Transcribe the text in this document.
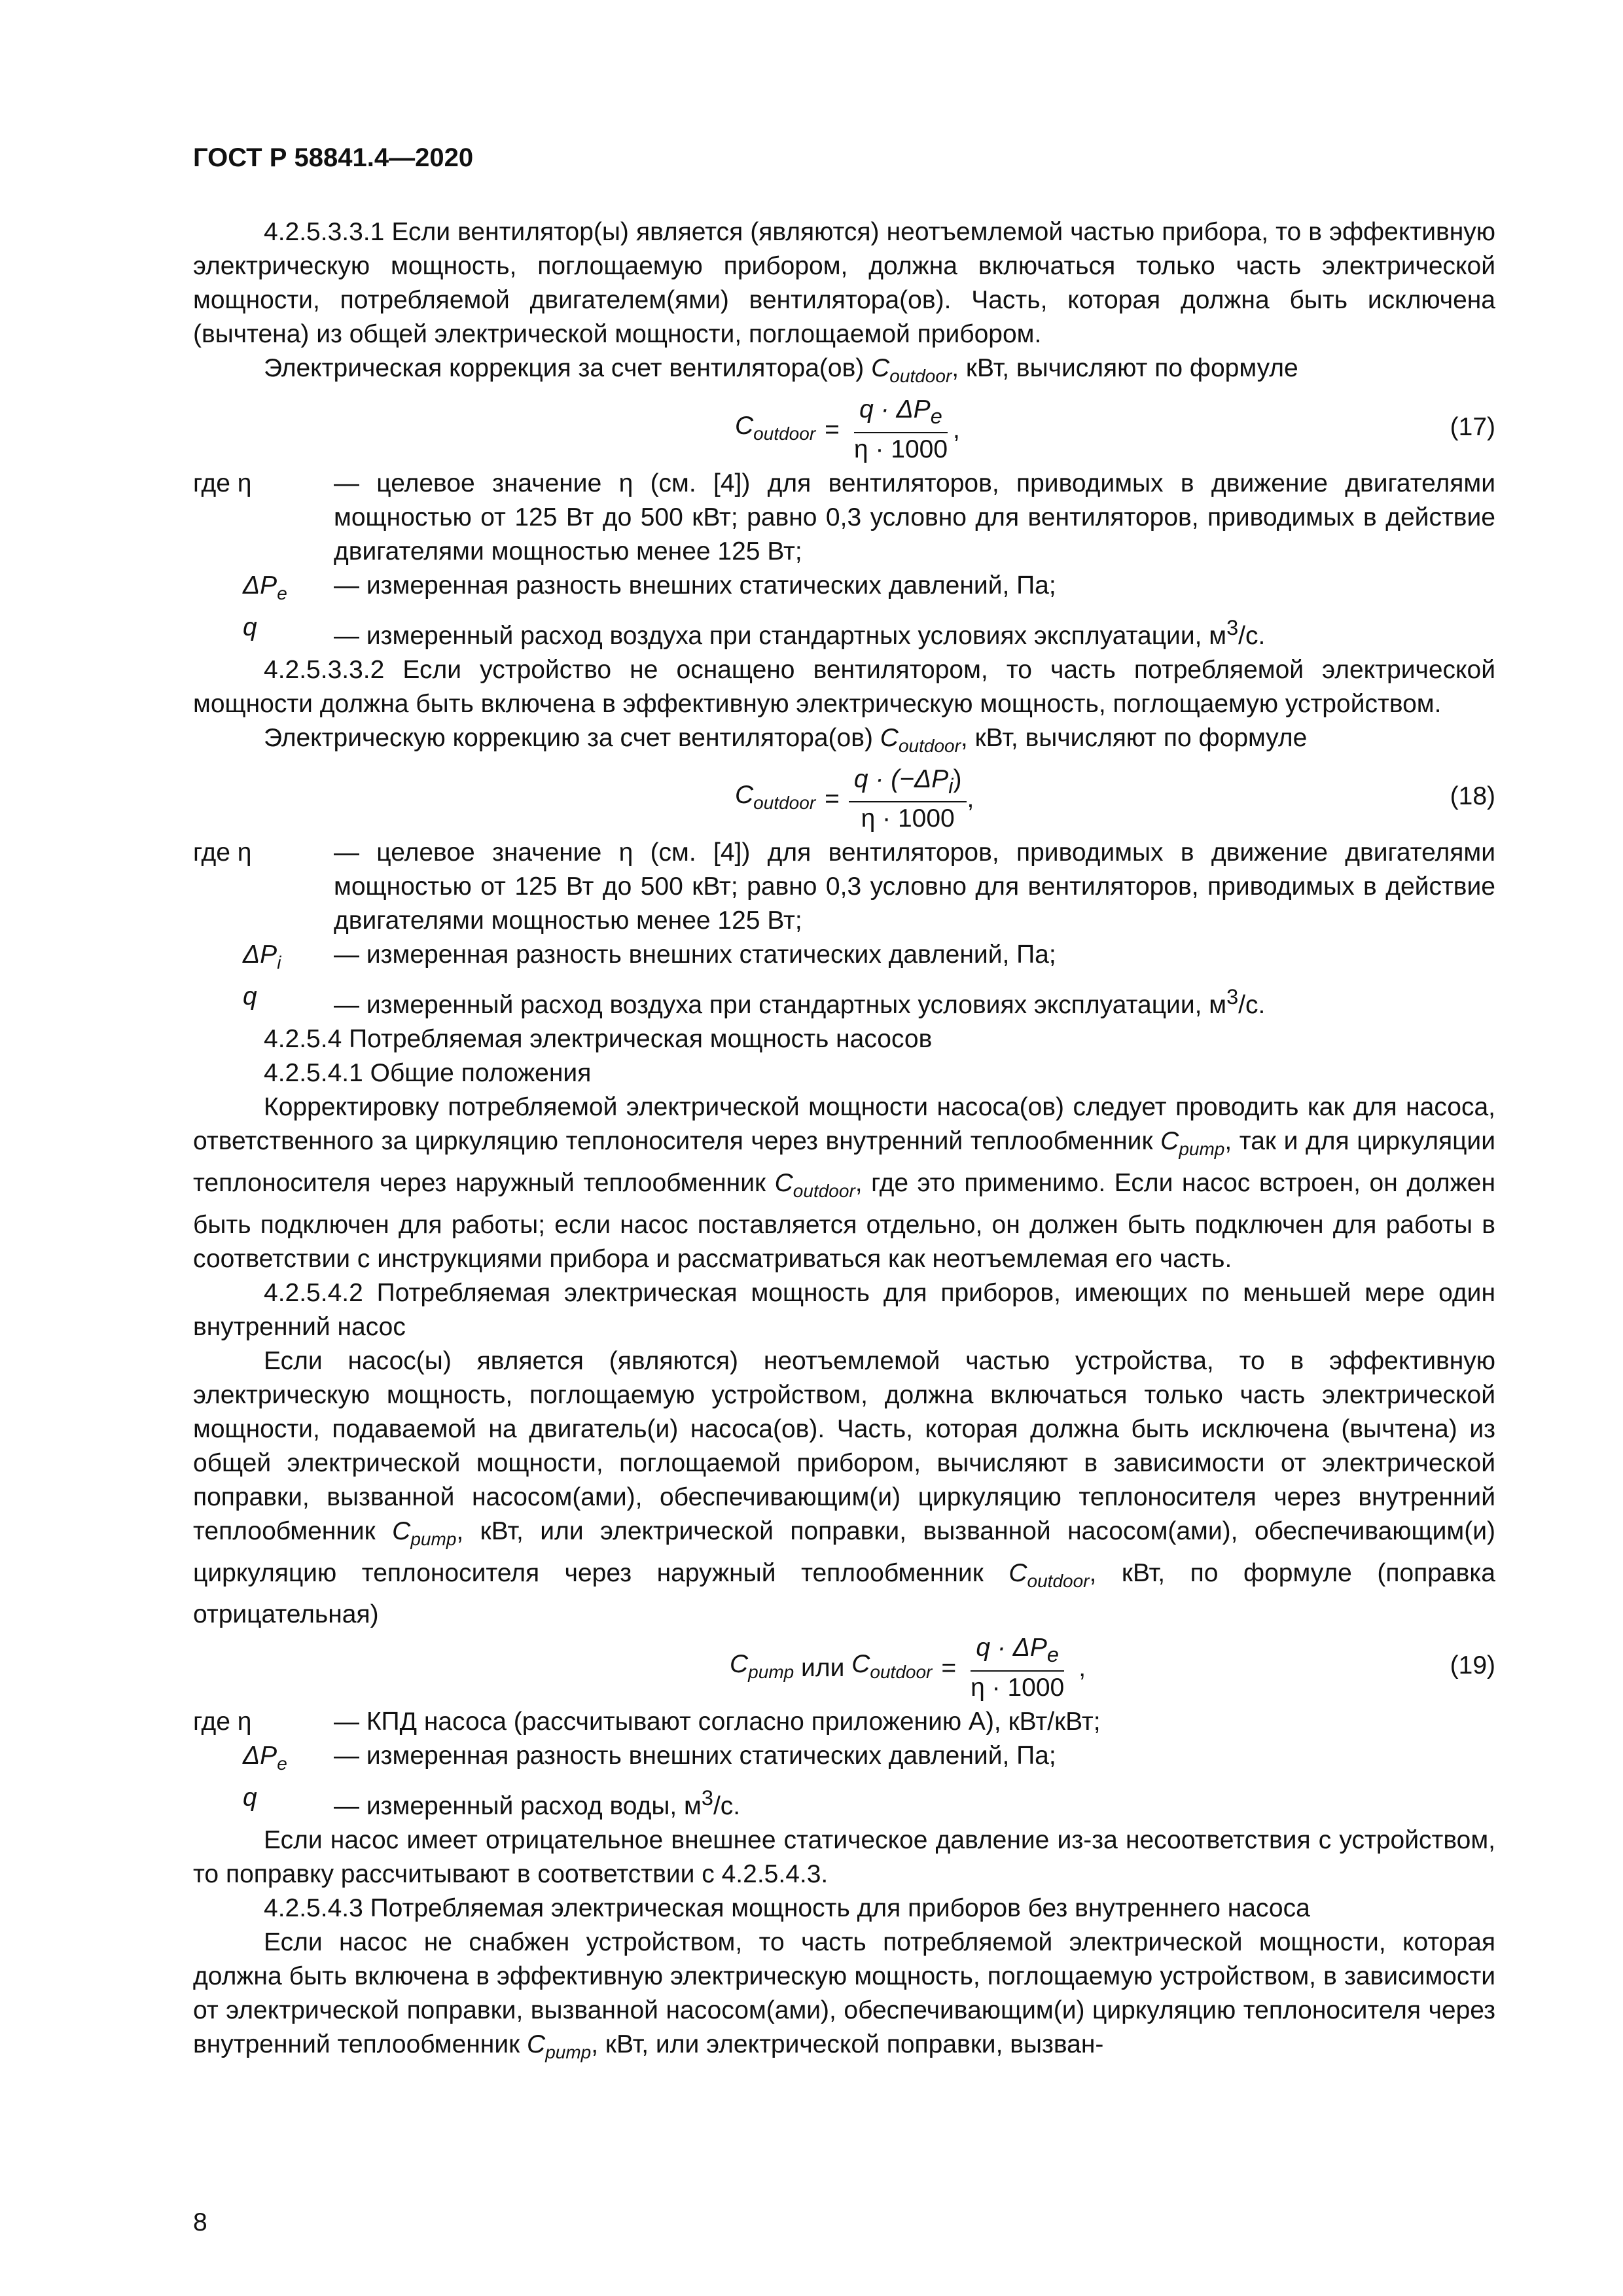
ГОСТ Р 58841.4—2020

4.2.5.3.3.1 Если вентилятор(ы) является (являются) неотъемлемой частью прибора, то в эффективную электрическую мощность, поглощаемую прибором, должна включаться только часть электрической мощности, потребляемой двигателем(ями) вентилятора(ов). Часть, которая должна быть исключена (вычтена) из общей электрической мощности, поглощаемой прибором.

Электрическая коррекция за счет вентилятора(ов) $C_{outdoor}$, кВт, вычисляют по формуле

$C_{outdoor} = \frac{q \cdot \Delta P_e}{\eta \cdot 1000}$ ,	(17)
где η	— целевое значение η (см. [4]) для вентиляторов, приводимых в движение двигателями мощностью от 125 Вт до 500 кВт; равно 0,3 условно для вентиляторов, приводимых в действие двигателями мощностью менее 125 Вт;
$\Delta P_e$	— измеренная разность внешних статических давлений, Па;
q	— измеренный расход воздуха при стандартных условиях эксплуатации, $м^3/с$.

4.2.5.3.3.2 Если устройство не оснащено вентилятором, то часть потребляемой электрической мощности должна быть включена в эффективную электрическую мощность, поглощаемую устройством.

Электрическую коррекцию за счет вентилятора(ов) $C_{outdoor}$, кВт, вычисляют по формуле

$C_{outdoor} = \frac{q \cdot (-\Delta P_i)}{\eta \cdot 1000}$ ,	(18)
где η	— целевое значение η (см. [4]) для вентиляторов, приводимых в движение двигателями мощностью от 125 Вт до 500 кВт; равно 0,3 условно для вентиляторов, приводимых в действие двигателями мощностью менее 125 Вт;
$\Delta P_i$	— измеренная разность внешних статических давлений, Па;
q	— измеренный расход воздуха при стандартных условиях эксплуатации, $м^3/с$.

4.2.5.4 Потребляемая электрическая мощность насосов

4.2.5.4.1 Общие положения

Корректировку потребляемой электрической мощности насоса(ов) следует проводить как для насоса, ответственного за циркуляцию теплоносителя через внутренний теплообменник $C_{pump}$, так и для циркуляции теплоносителя через наружный теплообменник $C_{outdoor}$, где это применимо. Если насос встроен, он должен быть подключен для работы; если насос поставляется отдельно, он должен быть подключен для работы в соответствии с инструкциями прибора и рассматриваться как неотъемлемая его часть.

4.2.5.4.2 Потребляемая электрическая мощность для приборов, имеющих по меньшей мере один внутренний насос

Если насос(ы) является (являются) неотъемлемой частью устройства, то в эффективную электрическую мощность, поглощаемую устройством, должна включаться только часть электрической мощности, подаваемой на двигатель(и) насоса(ов). Часть, которая должна быть исключена (вычтена) из общей электрической мощности, поглощаемой прибором, вычисляют в зависимости от электрической поправки, вызванной насосом(ами), обеспечивающим(и) циркуляцию теплоносителя через внутренний теплообменник $C_{pump}$, кВт, или электрической поправки, вызванной насосом(ами), обеспечивающим(и) циркуляцию теплоносителя через наружный теплообменник $C_{outdoor}$, кВт, по формуле (поправка отрицательная)

$C_{pump}$ или $C_{outdoor} = \frac{q \cdot \Delta P_e}{\eta \cdot 1000}$ ,	(19)
где η	— КПД насоса (рассчитывают согласно приложению А), кВт/кВт;
$\Delta P_e$	— измеренная разность внешних статических давлений, Па;
q	— измеренный расход воды, $м^3/с$.

Если насос имеет отрицательное внешнее статическое давление из-за несоответствия с устройством, то поправку рассчитывают в соответствии с 4.2.5.4.3.

4.2.5.4.3 Потребляемая электрическая мощность для приборов без внутреннего насоса

Если насос не снабжен устройством, то часть потребляемой электрической мощности, которая должна быть включена в эффективную электрическую мощность, поглощаемую устройством, в зависимости от электрической поправки, вызванной насосом(ами), обеспечивающим(и) циркуляцию теплоносителя через внутренний теплообменник $C_{pump}$, кВт, или электрической поправки, вызван-

8
